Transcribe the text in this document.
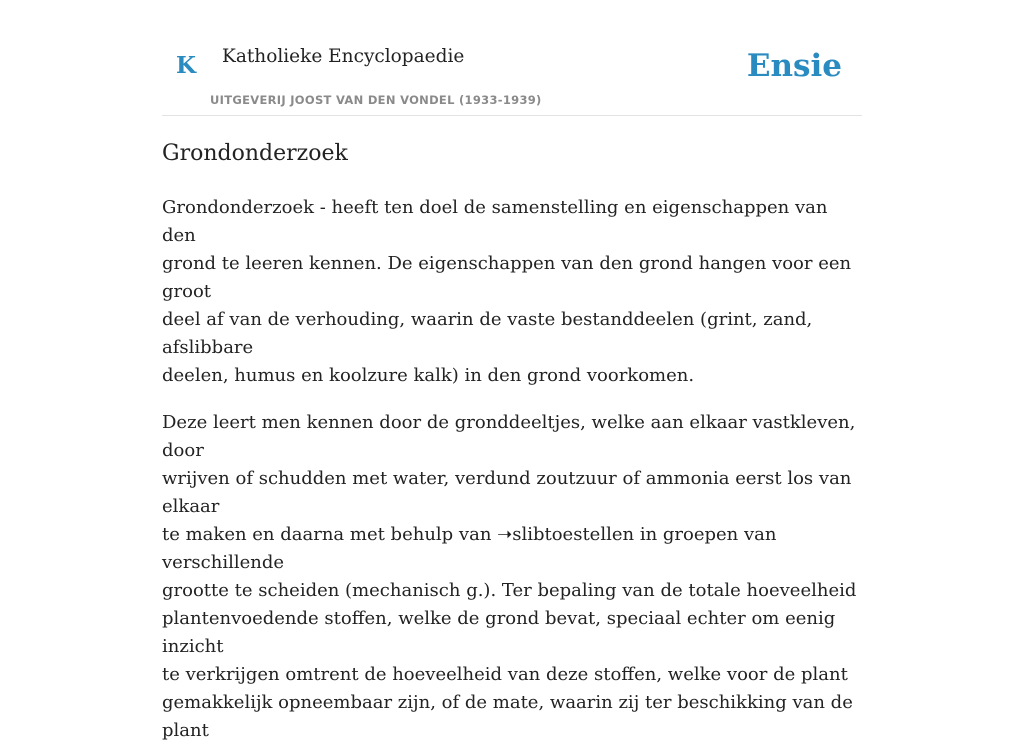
K Katholieke Encyclopaedie
UITGEVERIJ JOOST VAN DEN VONDEL (1933-1939)
Ensie
Grondonderzoek
Grondonderzoek - heeft ten doel de samenstelling en eigenschappen van den
grond te leeren kennen. De eigenschappen van den grond hangen voor een groot
deel af van de verhouding, waarin de vaste bestanddeelen (grint, zand, afslibbare
deelen, humus en koolzure kalk) in den grond voorkomen.
Deze leert men kennen door de gronddeeltjes, welke aan elkaar vastkleven, door
wrijven of schudden met water, verdund zoutzuur of ammonia eerst los van elkaar
te maken en daarna met behulp van ➝slibtoestellen in groepen van verschillende
grootte te scheiden (mechanisch g.). Ter bepaling van de totale hoeveelheid
plantenvoedende stoffen, welke de grond bevat, speciaal echter om eenig inzicht
te verkrijgen omtrent de hoeveelheid van deze stoffen, welke voor de plant
gemakkelijk opneembaar zijn, of de mate, waarin zij ter beschikking van de plant
